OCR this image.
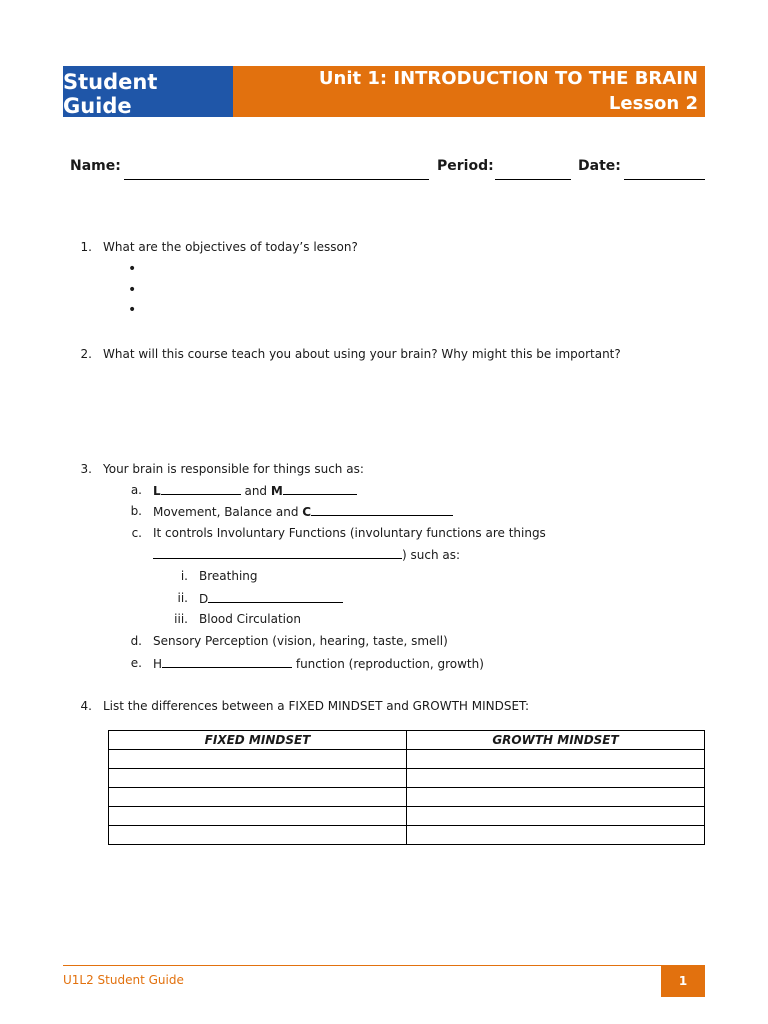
Student Guide
Unit 1: INTRODUCTION TO THE BRAIN
Lesson 2
Name:	Period:	Date:
1. What are the objectives of today’s lesson?
•
•
•
2. What will this course teach you about using your brain? Why might this be important?
3. Your brain is responsible for things such as:
a. L	and M
b. Movement, Balance and C
c. It controls Involuntary Functions (involuntary functions are things
) such as:
i. Breathing
ii. D
iii. Blood Circulation
d. Sensory Perception (vision, hearing, taste, smell)
e. H	function (reproduction, growth)
4. List the differences between a FIXED MINDSET and GROWTH MINDSET:
FIXED MINDSET	GROWTH MINDSET

U1L2 Student Guide	1
